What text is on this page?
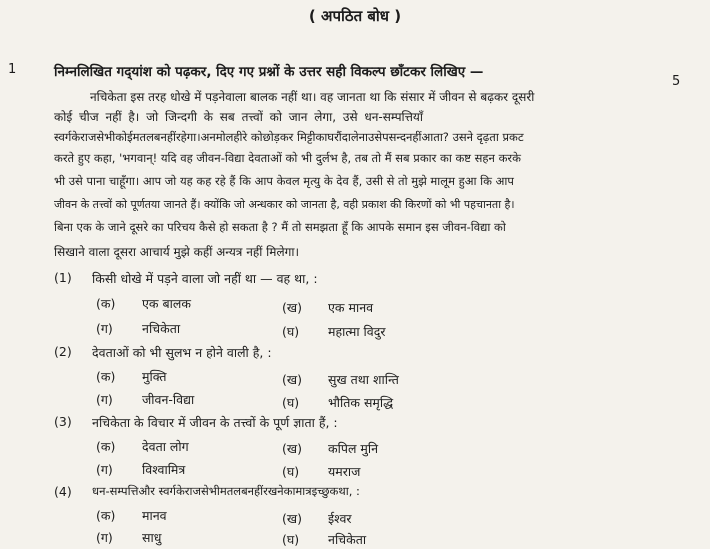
( अपठित बोध )
1
5
निम्नलिखित गद्‌यांश को पढ़कर, दिए गए प्रश्नों के उत्तर सही विकल्प छाँटकर लिखिए —
नचिकेता इस तरह धोखे में पड़नेवाला बालक नहीं था। वह जानता था कि संसार में जीवन से बढ़कर दूसरी
कोई चीज नहीं है। जो जिन्दगी के सब तत्त्वों को जान लेगा, उसे धन-सम्पत्तियाँ
स्वर्गकेराजसेभीकोईमतलबनहींरहेगा।अनमोलहीरे कोछोड़कर मिट्टीकाघरौंदालेनाउसेपसन्दनहींआता? उसने दृढ़ता प्रकट
करते हुए कहा, 'भगवान्! यदि वह जीवन-विद्या देवताओं को भी दुर्लभ है, तब तो मैं सब प्रकार का कष्ट सहन करके
भी उसे पाना चाहूँगा। आप जो यह कह रहे हैं कि आप केवल मृत्यु के देव हैं, उसी से तो मुझे मालूम हुआ कि आप
जीवन के तत्त्वों को पूर्णतया जानते हैं। क्योंकि जो अन्धकार को जानता है, वही प्रकाश की किरणों को भी पहचानता है।
बिना एक के जाने दूसरे का परिचय कैसे हो सकता है ? मैं तो समझता हूँ कि आपके समान इस जीवन-विद्या को
सिखाने वाला दूसरा आचार्य मुझे कहीं अन्यत्र नहीं मिलेगा।
(1) किसी धोखे में पड़ने वाला जो नहीं था — वह था, :
(क) एक बालक	(ख) एक मानव
(ग) नचिकेता	(घ) महात्मा विदुर
(2) देवताओं को भी सुलभ न होने वाली है, :
(क) मुक्ति	(ख) सुख तथा शान्ति
(ग) जीवन-विद्या	(घ) भौतिक समृद्धि
(3) नचिकेता के विचार में जीवन के तत्त्वों के पूर्ण ज्ञाता हैं, :
(क) देवता लोग	(ख) कपिल मुनि
(ग) विश्वामित्र	(घ) यमराज
(4) धन-सम्पत्तिऔर स्वर्गकेराजसेभीमतलबनहींरखनेकामात्रइच्छुकथा, :
(क) मानव	(ख) ईश्वर
(ग) साधु	(घ) नचिकेता
